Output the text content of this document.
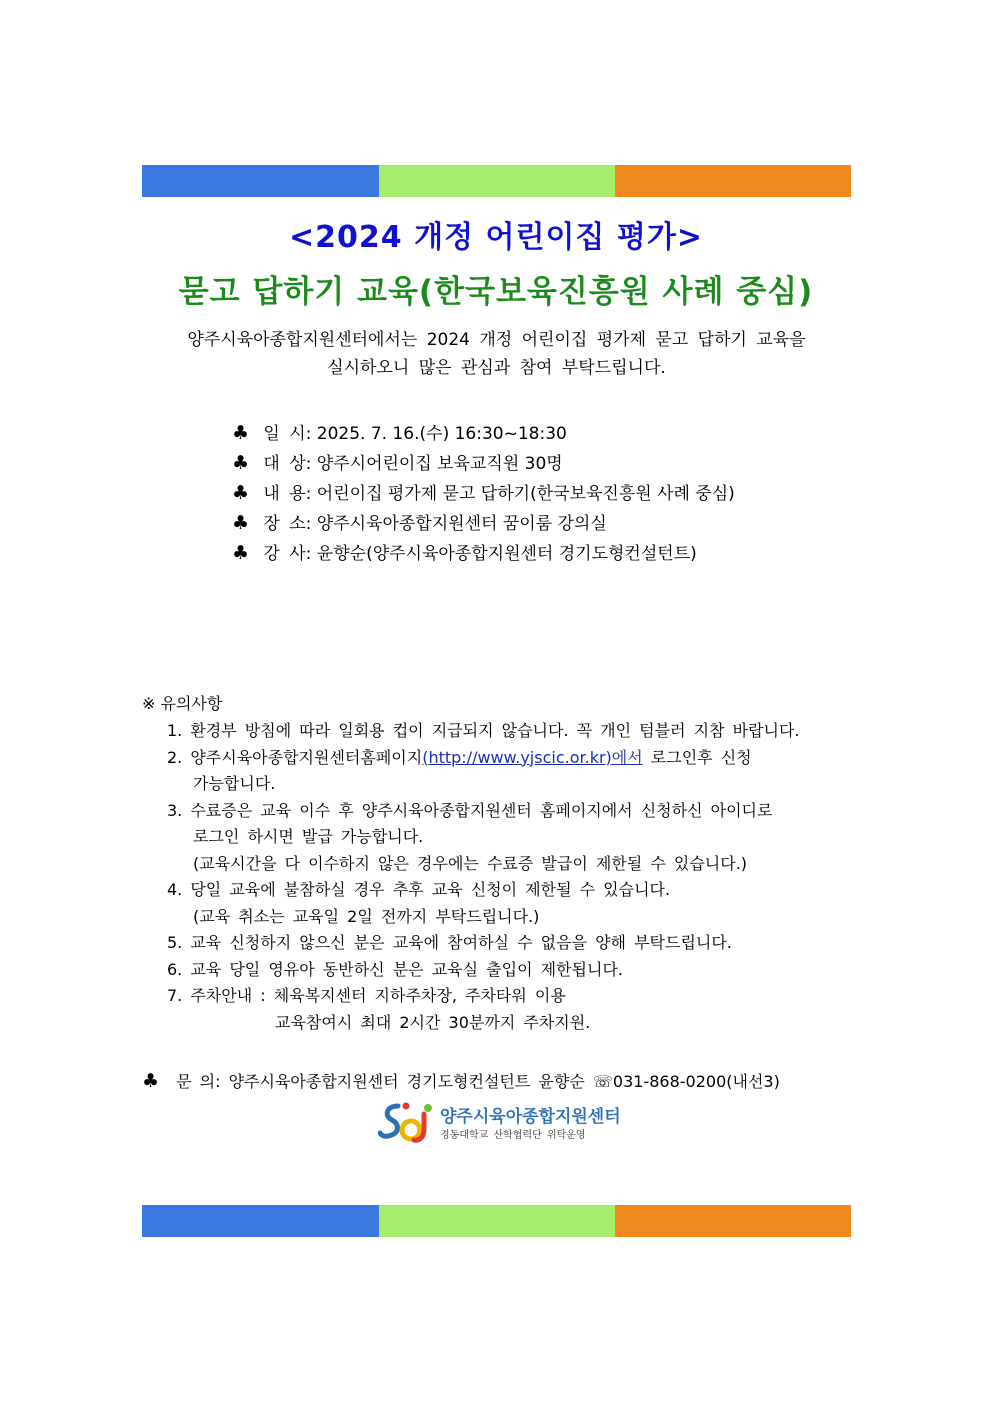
<2024 개정 어린이집 평가>
묻고 답하기 교육(한국보육진흥원 사례 중심)
양주시육아종합지원센터에서는 2024 개정 어린이집 평가제 묻고 답하기 교육을
실시하오니 많은 관심과 참여 부탁드립니다.
♣ 일 시: 2025. 7. 16.(수) 16:30~18:30
♣ 대 상: 양주시어린이집 보육교직원 30명
♣ 내 용: 어린이집 평가제 묻고 답하기(한국보육진흥원 사례 중심)
♣ 장 소: 양주시육아종합지원센터 꿈이룸 강의실
♣ 강 사: 윤향순(양주시육아종합지원센터 경기도형컨설턴트)
※ 유의사항
1. 환경부 방침에 따라 일회용 컵이 지급되지 않습니다. 꼭 개인 텀블러 지참 바랍니다.
2. 양주시육아종합지원센터홈페이지(http://www.yjscic.or.kr)에서 로그인후 신청
가능합니다.
3. 수료증은 교육 이수 후 양주시육아종합지원센터 홈페이지에서 신청하신 아이디로
로그인 하시면 발급 가능합니다.
(교육시간을 다 이수하지 않은 경우에는 수료증 발급이 제한될 수 있습니다.)
4. 당일 교육에 불참하실 경우 추후 교육 신청이 제한될 수 있습니다.
(교육 취소는 교육일 2일 전까지 부탁드립니다.)
5. 교육 신청하지 않으신 분은 교육에 참여하실 수 없음을 양해 부탁드립니다.
6. 교육 당일 영유아 동반하신 분은 교육실 출입이 제한됩니다.
7. 주차안내 : 체육복지센터 지하주차장, 주차타워 이용
교육참여시 최대 2시간 30분까지 주차지원.
♣ 문 의: 양주시육아종합지원센터 경기도형컨설턴트 윤향순 ☏031-868-0200(내선3)
양주시육아종합지원센터
경동대학교 산학협력단 위탁운영
